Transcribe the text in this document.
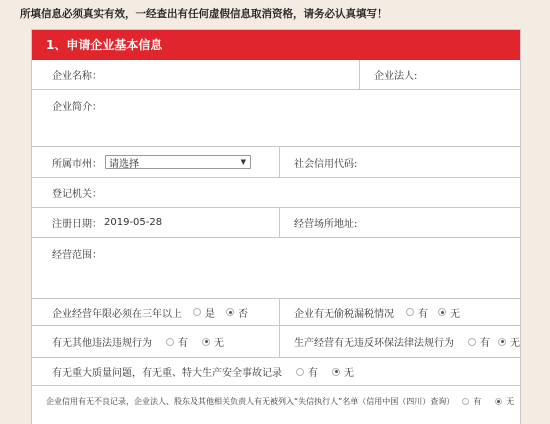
所填信息必须真实有效，一经查出有任何虚假信息取消资格，请务必认真填写！
1、申请企业基本信息
企业名称：	企业法人:
企业简介：
所属市州： 请选择	▼	社会信用代码:
登记机关：
注册日期： 2019-05-28	经营场所地址:
经营范围：
企业经营年限必须在三年以上 是 否	企业有无偷税漏税情况 有 无
有无其他违法违规行为	有	无	生产经营有无违反环保法律法规行为	有 无
有无重大质量问题，有无重、特大生产安全事故记录	有	无
企业信用有无不良记录，企业法人、股东及其他相关负责人有无被列入“失信执行人”名单（信用中国（四川）查询） 有	无
